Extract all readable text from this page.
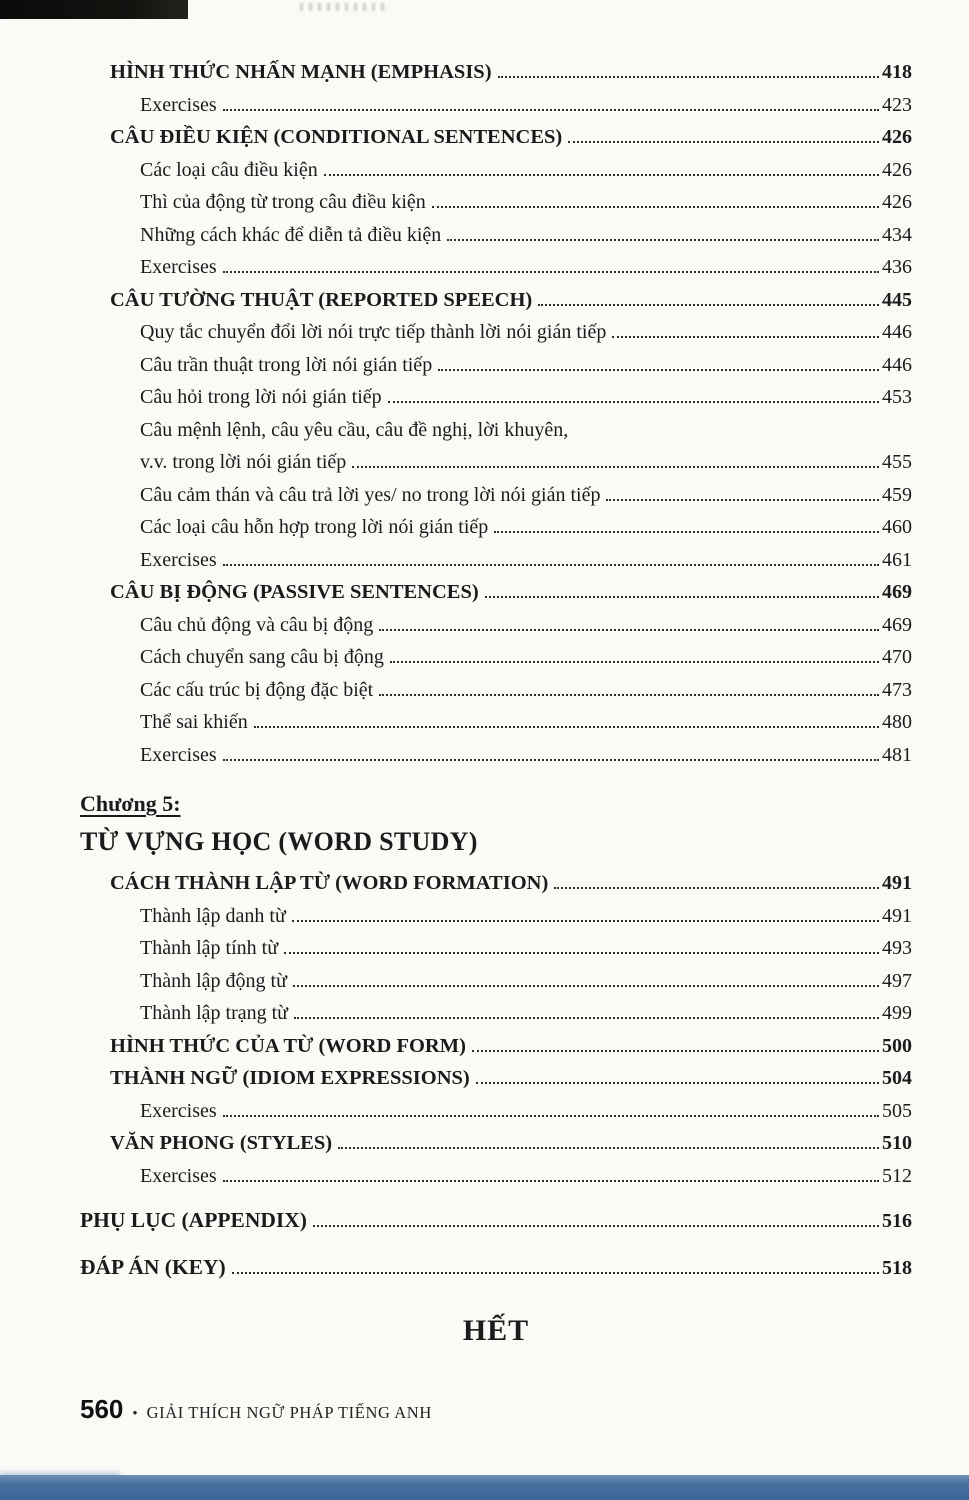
HÌNH THỨC NHẤN MẠNH (EMPHASIS)	418
Exercises	423
CÂU ĐIỀU KIỆN (CONDITIONAL SENTENCES)	426
Các loại câu điều kiện	426
Thì của động từ trong câu điều kiện	426
Những cách khác để diễn tả điều kiện	434
Exercises	436
CÂU TƯỜNG THUẬT (REPORTED SPEECH)	445
Quy tắc chuyển đổi lời nói trực tiếp thành lời nói gián tiếp	446
Câu trần thuật trong lời nói gián tiếp	446
Câu hỏi trong lời nói gián tiếp	453
Câu mệnh lệnh, câu yêu cầu, câu đề nghị, lời khuyên,
v.v. trong lời nói gián tiếp	455
Câu cảm thán và câu trả lời yes/ no trong lời nói gián tiếp	459
Các loại câu hỗn hợp trong lời nói gián tiếp	460
Exercises	461
CÂU BỊ ĐỘNG (PASSIVE SENTENCES)	469
Câu chủ động và câu bị động	469
Cách chuyển sang câu bị động	470
Các cấu trúc bị động đặc biệt	473
Thể sai khiến	480
Exercises	481
Chương 5:
TỪ VỰNG HỌC (WORD STUDY)
CÁCH THÀNH LẬP TỪ (WORD FORMATION)	491
Thành lập danh từ	491
Thành lập tính từ	493
Thành lập động từ	497
Thành lập trạng từ	499
HÌNH THỨC CỦA TỪ (WORD FORM)	500
THÀNH NGỮ (IDIOM EXPRESSIONS)	504
Exercises	505
VĂN PHONG (STYLES)	510
Exercises	512
PHỤ LỤC (APPENDIX)	516
ĐÁP ÁN (KEY)	518
HẾT
560 • GIẢI THÍCH NGỮ PHÁP TIẾNG ANH
